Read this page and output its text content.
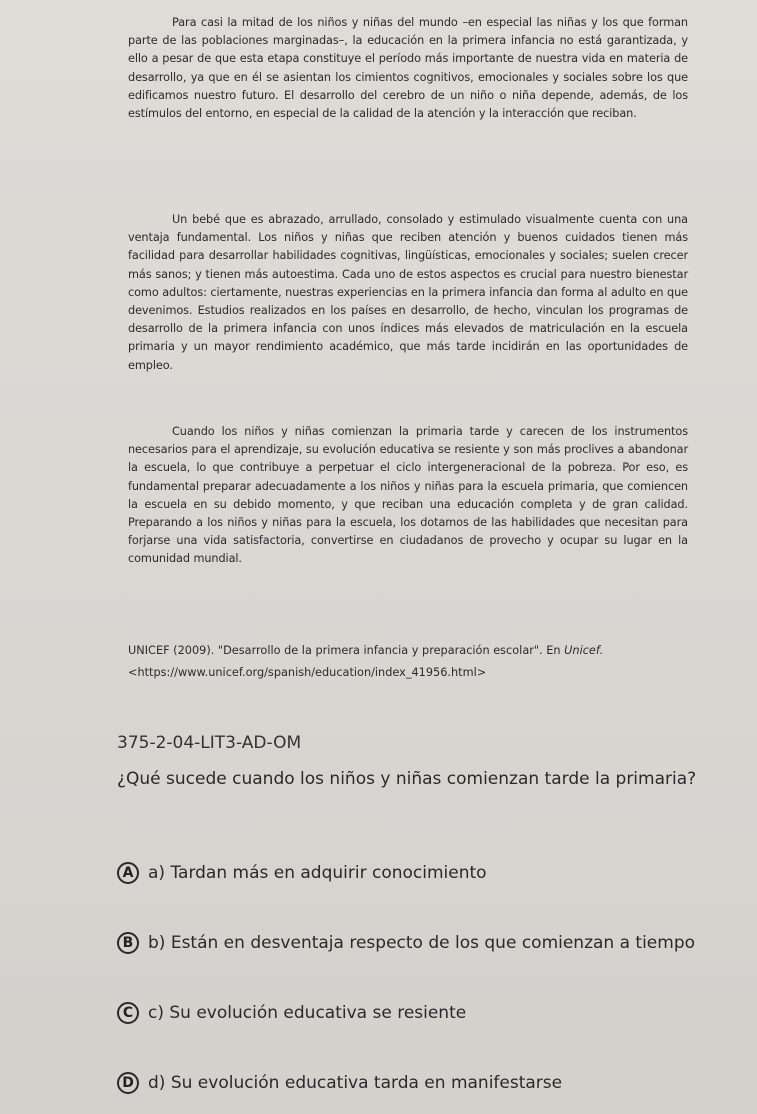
Para casi la mitad de los niños y niñas del mundo –en especial las niñas y los que forman parte de las poblaciones marginadas–, la educación en la primera infancia no está garantizada, y ello a pesar de que esta etapa constituye el período más importante de nuestra vida en materia de desarrollo, ya que en él se asientan los cimientos cognitivos, emocionales y sociales sobre los que edificamos nuestro futuro. El desarrollo del cerebro de un niño o niña depende, además, de los estímulos del entorno, en especial de la calidad de la atención y la interacción que reciban.

Un bebé que es abrazado, arrullado, consolado y estimulado visualmente cuenta con una ventaja fundamental. Los niños y niñas que reciben atención y buenos cuidados tienen más facilidad para desarrollar habilidades cognitivas, lingüísticas, emocionales y sociales; suelen crecer más sanos; y tienen más autoestima. Cada uno de estos aspectos es crucial para nuestro bienestar como adultos: ciertamente, nuestras experiencias en la primera infancia dan forma al adulto en que devenimos. Estudios realizados en los países en desarrollo, de hecho, vinculan los programas de desarrollo de la primera infancia con unos índices más elevados de matriculación en la escuela primaria y un mayor rendimiento académico, que más tarde incidirán en las oportunidades de empleo.

Cuando los niños y niñas comienzan la primaria tarde y carecen de los instrumentos necesarios para el aprendizaje, su evolución educativa se resiente y son más proclives a abandonar la escuela, lo que contribuye a perpetuar el ciclo intergeneracional de la pobreza. Por eso, es fundamental preparar adecuadamente a los niños y niñas para la escuela primaria, que comiencen la escuela en su debido momento, y que reciban una educación completa y de gran calidad. Preparando a los niños y niñas para la escuela, los dotamos de las habilidades que necesitan para forjarse una vida satisfactoria, convertirse en ciudadanos de provecho y ocupar su lugar en la comunidad mundial.

UNICEF (2009). "Desarrollo de la primera infancia y preparación escolar". En Unicef.
<https://www.unicef.org/spanish/education/index_41956.html>
375-2-04-LIT3-AD-OM
¿Qué sucede cuando los niños y niñas comienzan tarde la primaria?
A a) Tardan más en adquirir conocimiento
B b) Están en desventaja respecto de los que comienzan a tiempo
C c) Su evolución educativa se resiente
D d) Su evolución educativa tarda en manifestarse
